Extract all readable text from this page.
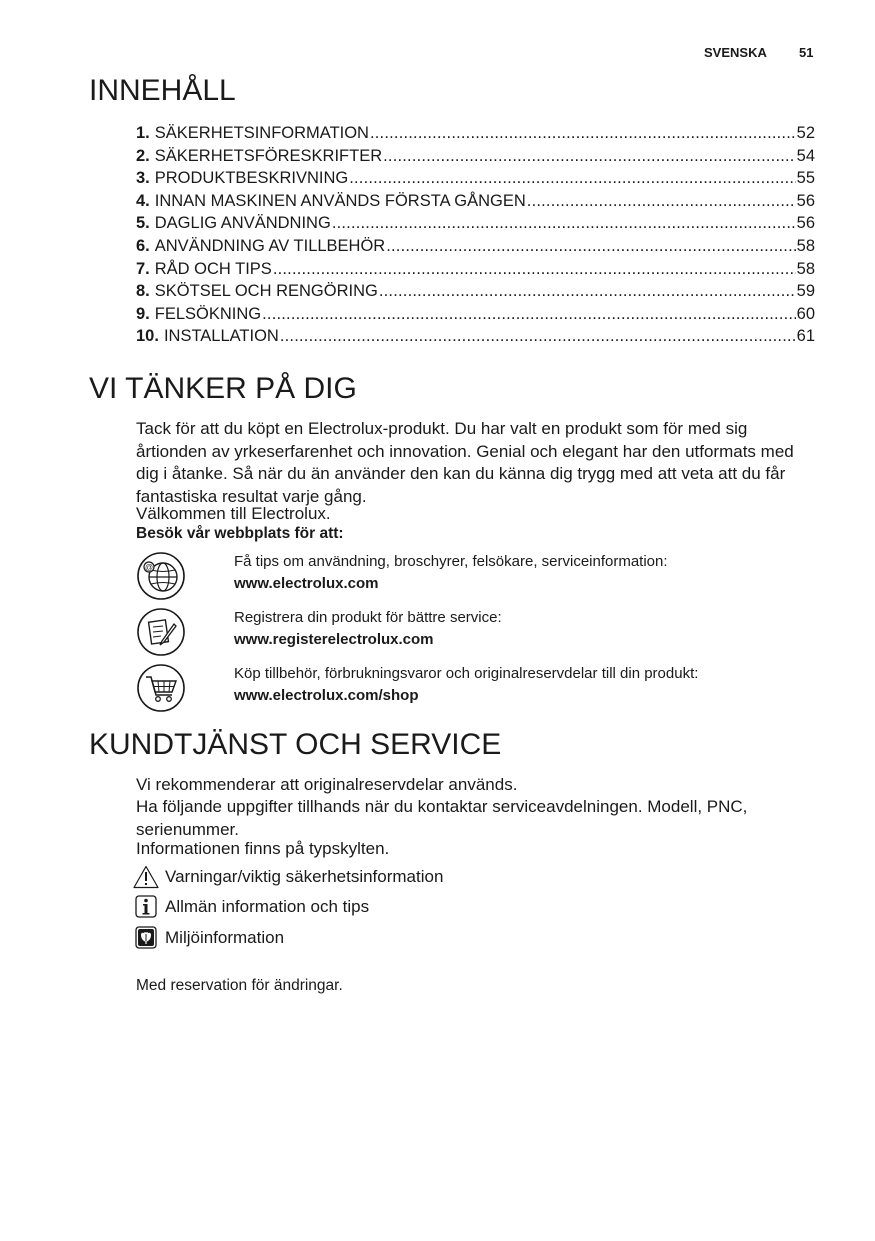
SVENSKA 51
INNEHÅLL
1. SÄKERHETSINFORMATION .....	52
2. SÄKERHETSFÖRESKRIFTER .....	54
3. PRODUKTBESKRIVNING .....	55
4. INNAN MASKINEN ANVÄNDS FÖRSTA GÅNGEN .....	56
5. DAGLIG ANVÄNDNING .....	56
6. ANVÄNDNING AV TILLBEHÖR .....	58
7. RÅD OCH TIPS .....	58
8. SKÖTSEL OCH RENGÖRING .....	59
9. FELSÖKNING .....	60
10. INSTALLATION .....	61
VI TÄNKER PÅ DIG

Tack för att du köpt en Electrolux-produkt. Du har valt en produkt som för med sig årtionden av yrkeserfarenhet och innovation. Genial och elegant har den utformats med dig i åtanke. Så när du än använder den kan du känna dig trygg med att veta att du får fantastiska resultat varje gång.

Välkommen till Electrolux.

Besök vår webbplats för att:
@	Få tips om användning, broschyrer, felsökare, serviceinformation:
www.electrolux.com
Registrera din produkt för bättre service:
www.registerelectrolux.com
Köp tillbehör, förbrukningsvaror och originalreservdelar till din produkt:
www.electrolux.com/shop
KUNDTJÄNST OCH SERVICE

Vi rekommenderar att originalreservdelar används.

Ha följande uppgifter tillhands när du kontaktar serviceavdelningen. Modell, PNC, serienummer.

Informationen finns på typskylten.

Varningar/viktig säkerhetsinformation
Allmän information och tips
Miljöinformation
Med reservation för ändringar.
